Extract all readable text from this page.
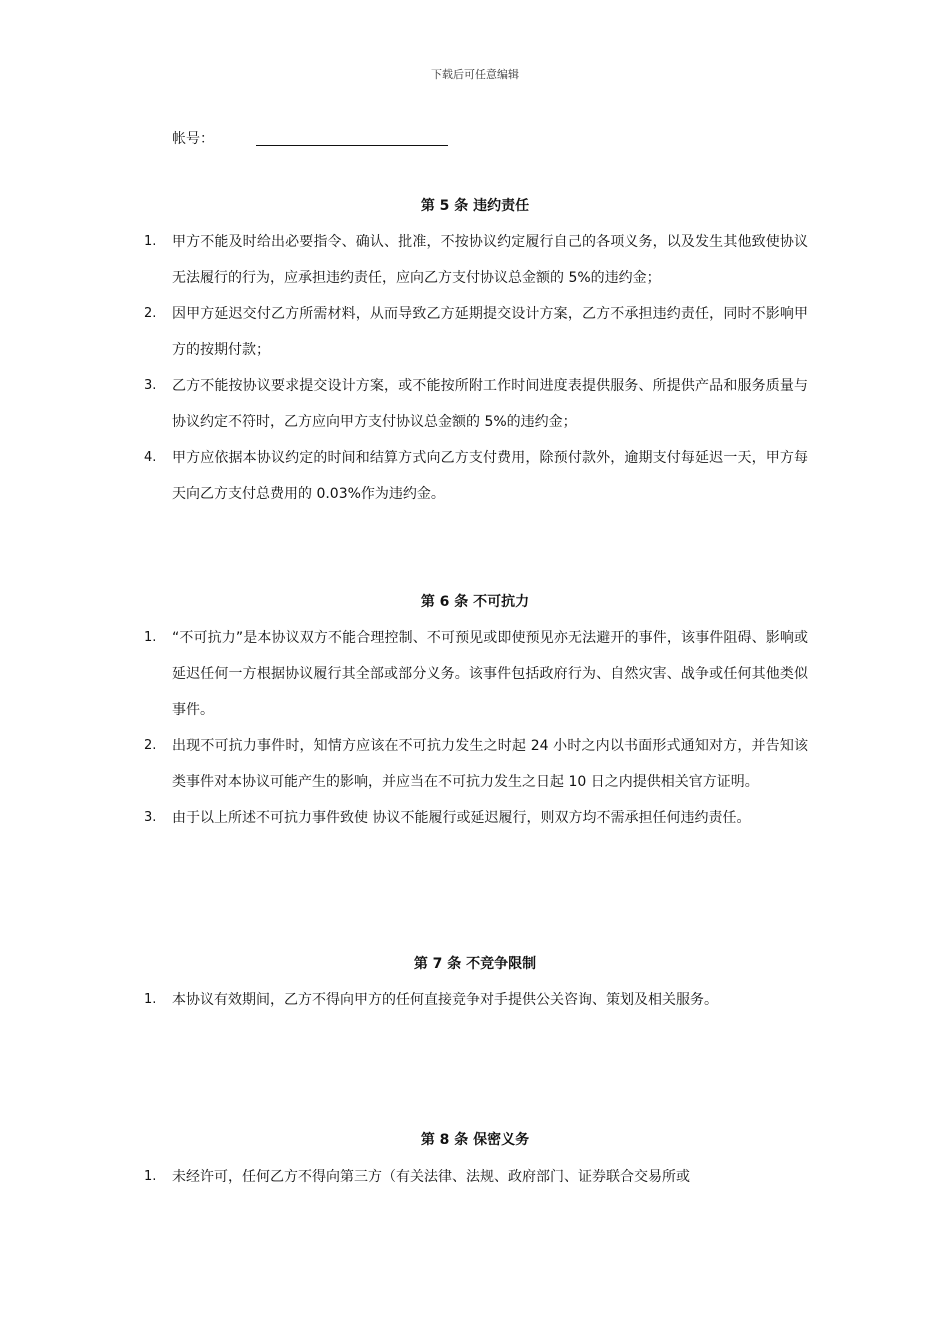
下载后可任意编辑
帐号：
第 5 条 违约责任
1. 甲方不能及时给出必要指令、确认、批准，不按协议约定履行自己的各项义务，以及发生其他致使协议无法履行的行为，应承担违约责任，应向乙方支付协议总金额的 5%的违约金；
2. 因甲方延迟交付乙方所需材料，从而导致乙方延期提交设计方案，乙方不承担违约责任，同时不影响甲方的按期付款；
3. 乙方不能按协议要求提交设计方案，或不能按所附工作时间进度表提供服务、所提供产品和服务质量与协议约定不符时，乙方应向甲方支付协议总金额的 5%的违约金；
4. 甲方应依据本协议约定的时间和结算方式向乙方支付费用，除预付款外，逾期支付每延迟一天，甲方每天向乙方支付总费用的 0.03%作为违约金。
第 6 条 不可抗力
1. “不可抗力”是本协议双方不能合理控制、不可预见或即使预见亦无法避开的事件，该事件阻碍、影响或延迟任何一方根据协议履行其全部或部分义务。该事件包括政府行为、自然灾害、战争或任何其他类似事件。
2. 出现不可抗力事件时，知情方应该在不可抗力发生之时起 24 小时之内以书面形式通知对方，并告知该类事件对本协议可能产生的影响，并应当在不可抗力发生之日起 10 日之内提供相关官方证明。
3. 由于以上所述不可抗力事件致使 协议不能履行或延迟履行，则双方均不需承担任何违约责任。
第 7 条 不竞争限制
1. 本协议有效期间，乙方不得向甲方的任何直接竞争对手提供公关咨询、策划及相关服务。
第 8 条 保密义务
1. 未经许可，任何乙方不得向第三方（有关法律、法规、政府部门、证券联合交易所或
